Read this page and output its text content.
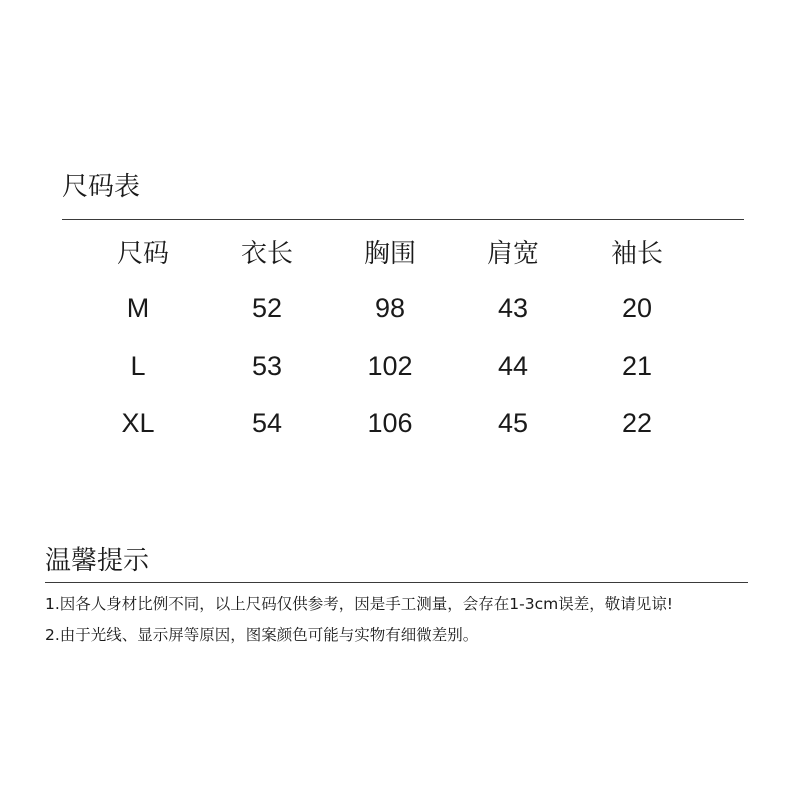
尺码表
尺码	衣长	胸围	肩宽	袖长
M	52	98	43	20
L	53	102	44	21
XL	54	106	45	22
温馨提示
1.因各人身材比例不同，以上尺码仅供参考，因是手工测量，会存在1-3cm误差，敬请见谅!
2.由于光线、显示屏等原因，图案颜色可能与实物有细微差别。
